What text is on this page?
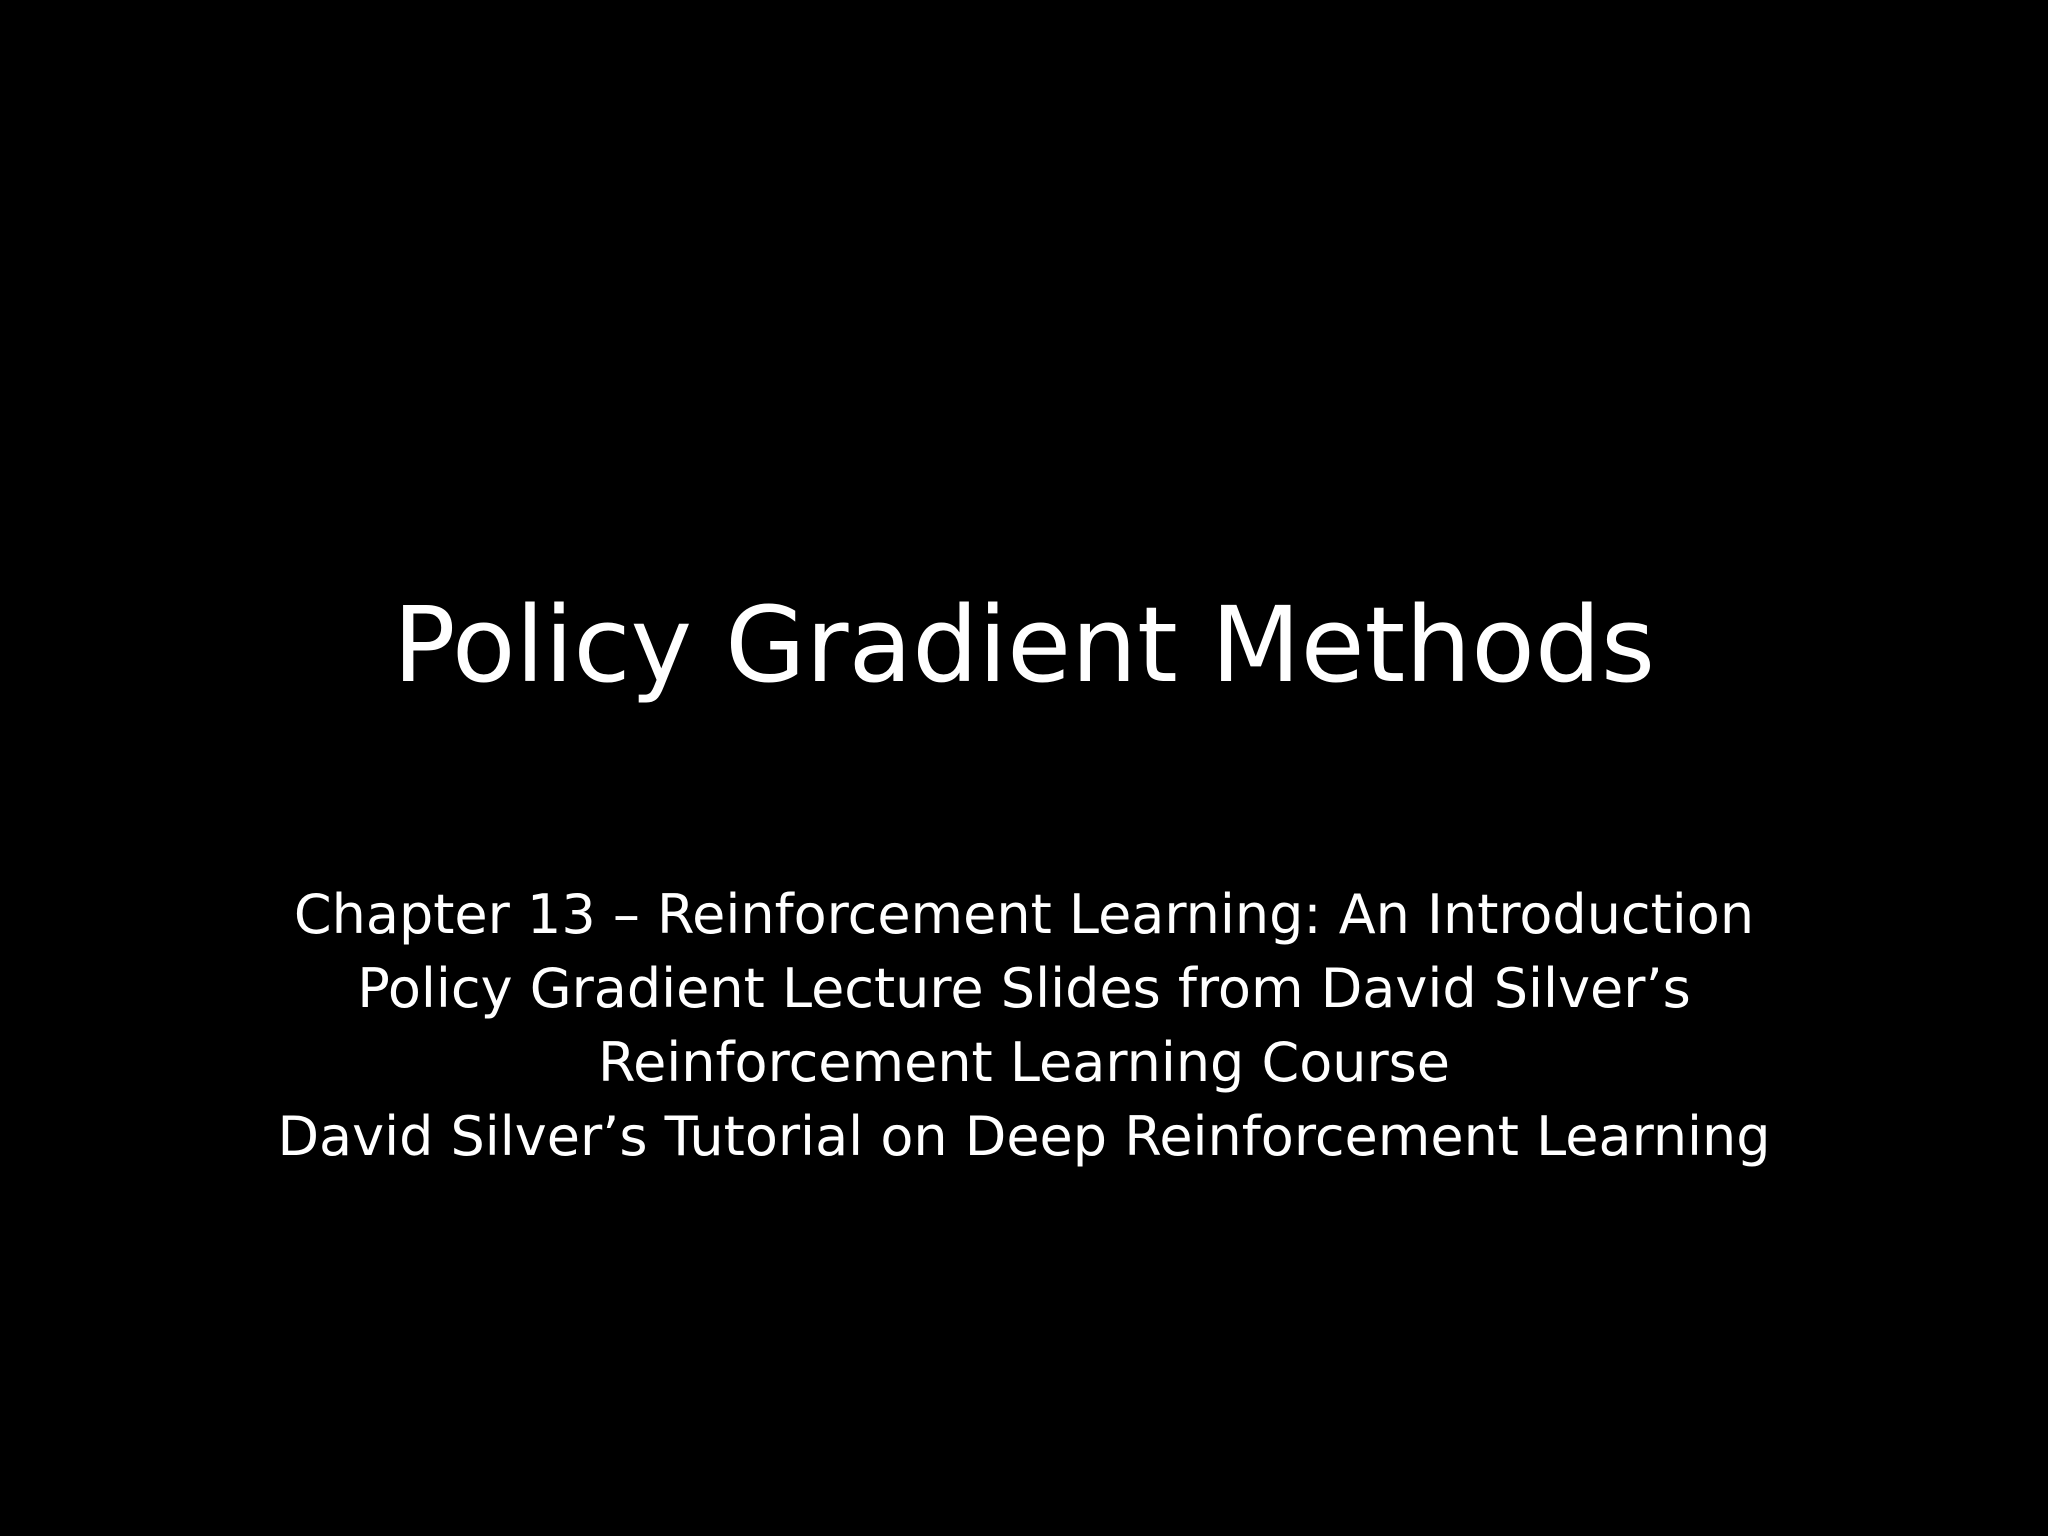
Policy Gradient Methods
Chapter 13 – Reinforcement Learning: An Introduction
Policy Gradient Lecture Slides from David Silver’s
Reinforcement Learning Course
David Silver’s Tutorial on Deep Reinforcement Learning
